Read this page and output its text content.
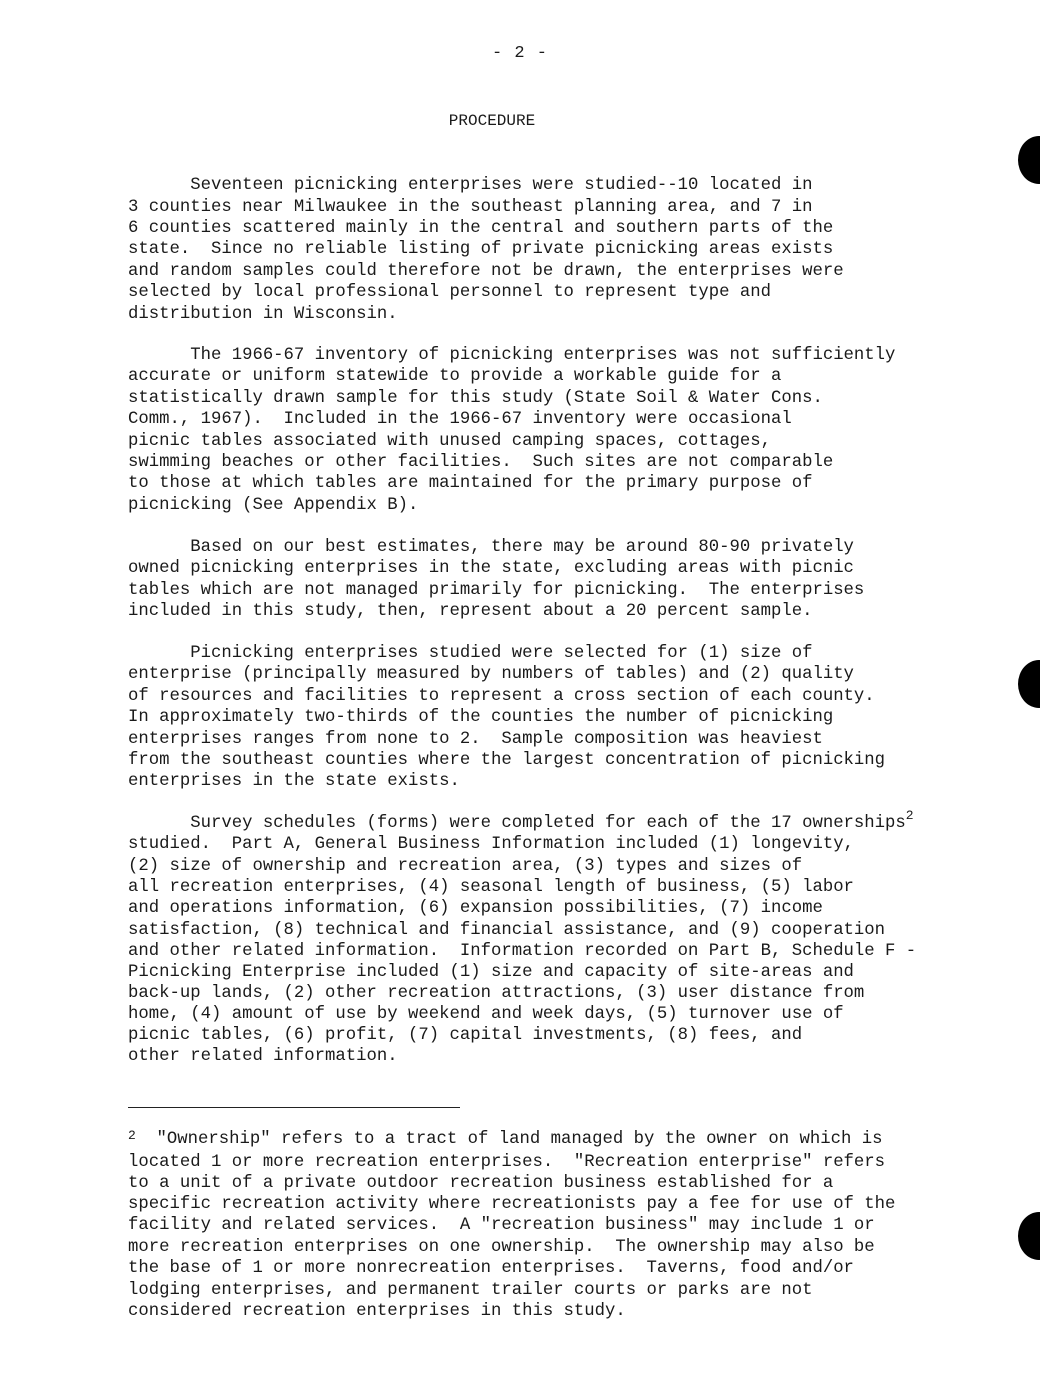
- 2 -
PROCEDURE
Seventeen picnicking enterprises were studied--10 located in
3 counties near Milwaukee in the southeast planning area, and 7 in
6 counties scattered mainly in the central and southern parts of the
state.  Since no reliable listing of private picnicking areas exists
and random samples could therefore not be drawn, the enterprises were
selected by local professional personnel to represent type and
distribution in Wisconsin.
The 1966-67 inventory of picnicking enterprises was not sufficiently
accurate or uniform statewide to provide a workable guide for a
statistically drawn sample for this study (State Soil & Water Cons.
Comm., 1967).  Included in the 1966-67 inventory were occasional
picnic tables associated with unused camping spaces, cottages,
swimming beaches or other facilities.  Such sites are not comparable
to those at which tables are maintained for the primary purpose of
picnicking (See Appendix B).
Based on our best estimates, there may be around 80-90 privately
owned picnicking enterprises in the state, excluding areas with picnic
tables which are not managed primarily for picnicking.  The enterprises
included in this study, then, represent about a 20 percent sample.
Picnicking enterprises studied were selected for (1) size of
enterprise (principally measured by numbers of tables) and (2) quality
of resources and facilities to represent a cross section of each county.
In approximately two-thirds of the counties the number of picnicking
enterprises ranges from none to 2.  Sample composition was heaviest
from the southeast counties where the largest concentration of picnicking
enterprises in the state exists.
Survey schedules (forms) were completed for each of the 17 ownerships$^2$
studied.  Part A, General Business Information included (1) longevity,
(2) size of ownership and recreation area, (3) types and sizes of
all recreation enterprises, (4) seasonal length of business, (5) labor
and operations information, (6) expansion possibilities, (7) income
satisfaction, (8) technical and financial assistance, and (9) cooperation
and other related information.  Information recorded on Part B, Schedule F -
Picnicking Enterprise included (1) size and capacity of site-areas and
back-up lands, (2) other recreation attractions, (3) user distance from
home, (4) amount of use by weekend and week days, (5) turnover use of
picnic tables, (6) profit, (7) capital investments, (8) fees, and
other related information.
$^2$  "Ownership" refers to a tract of land managed by the owner on which is
located 1 or more recreation enterprises.  "Recreation enterprise" refers
to a unit of a private outdoor recreation business established for a
specific recreation activity where recreationists pay a fee for use of the
facility and related services.  A "recreation business" may include 1 or
more recreation enterprises on one ownership.  The ownership may also be
the base of 1 or more nonrecreation enterprises.  Taverns, food and/or
lodging enterprises, and permanent trailer courts or parks are not
considered recreation enterprises in this study.
